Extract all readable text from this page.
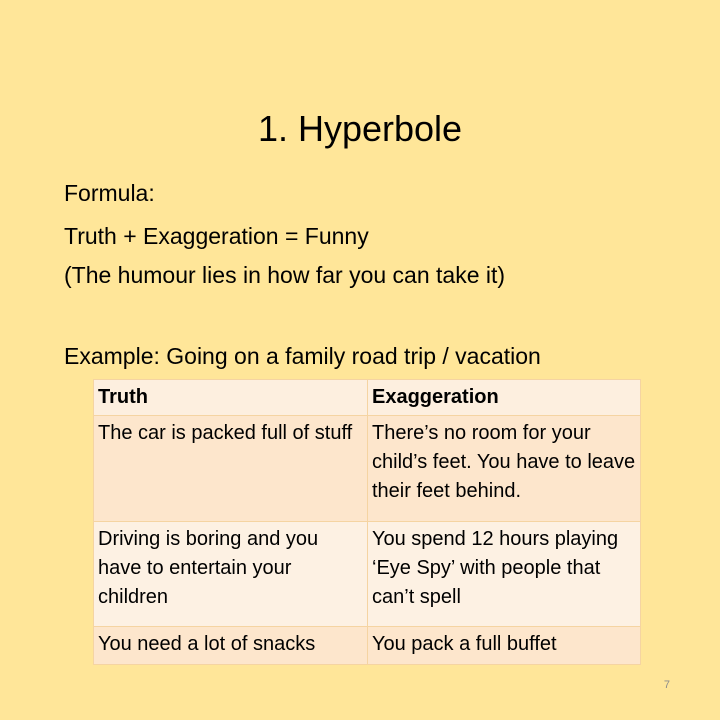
1. Hyperbole

Formula:

Truth + Exaggeration = Funny

(The humour lies in how far you can take it)

Example: Going on a family road trip / vacation

Truth	Exaggeration
The car is packed full of stuff	There’s no room for your child’s feet. You have to leave their feet behind.
Driving is boring and you have to entertain your children	You spend 12 hours playing ‘Eye Spy’ with people that can’t spell
You need a lot of snacks	You pack a full buffet
7
